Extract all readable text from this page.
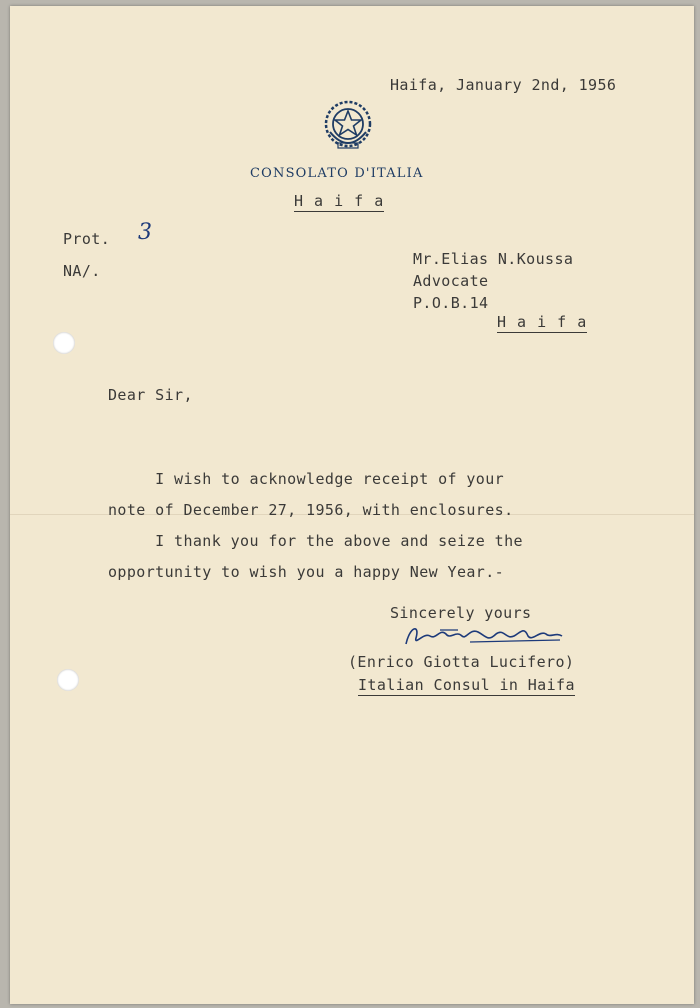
Haifa, January 2nd, 1956
CONSOLATO D'ITALIA
H a i f a
Prot. 3
NA/.
Mr.Elias N.Koussa
Advocate
P.O.B.14
H a i f a
Dear Sir,
I wish to acknowledge receipt of your
note of December 27, 1956, with enclosures.
I thank you for the above and seize the
opportunity to wish you a happy New Year.-
Sincerely yours
(Enrico Giotta Lucifero)
Italian Consul in Haifa
